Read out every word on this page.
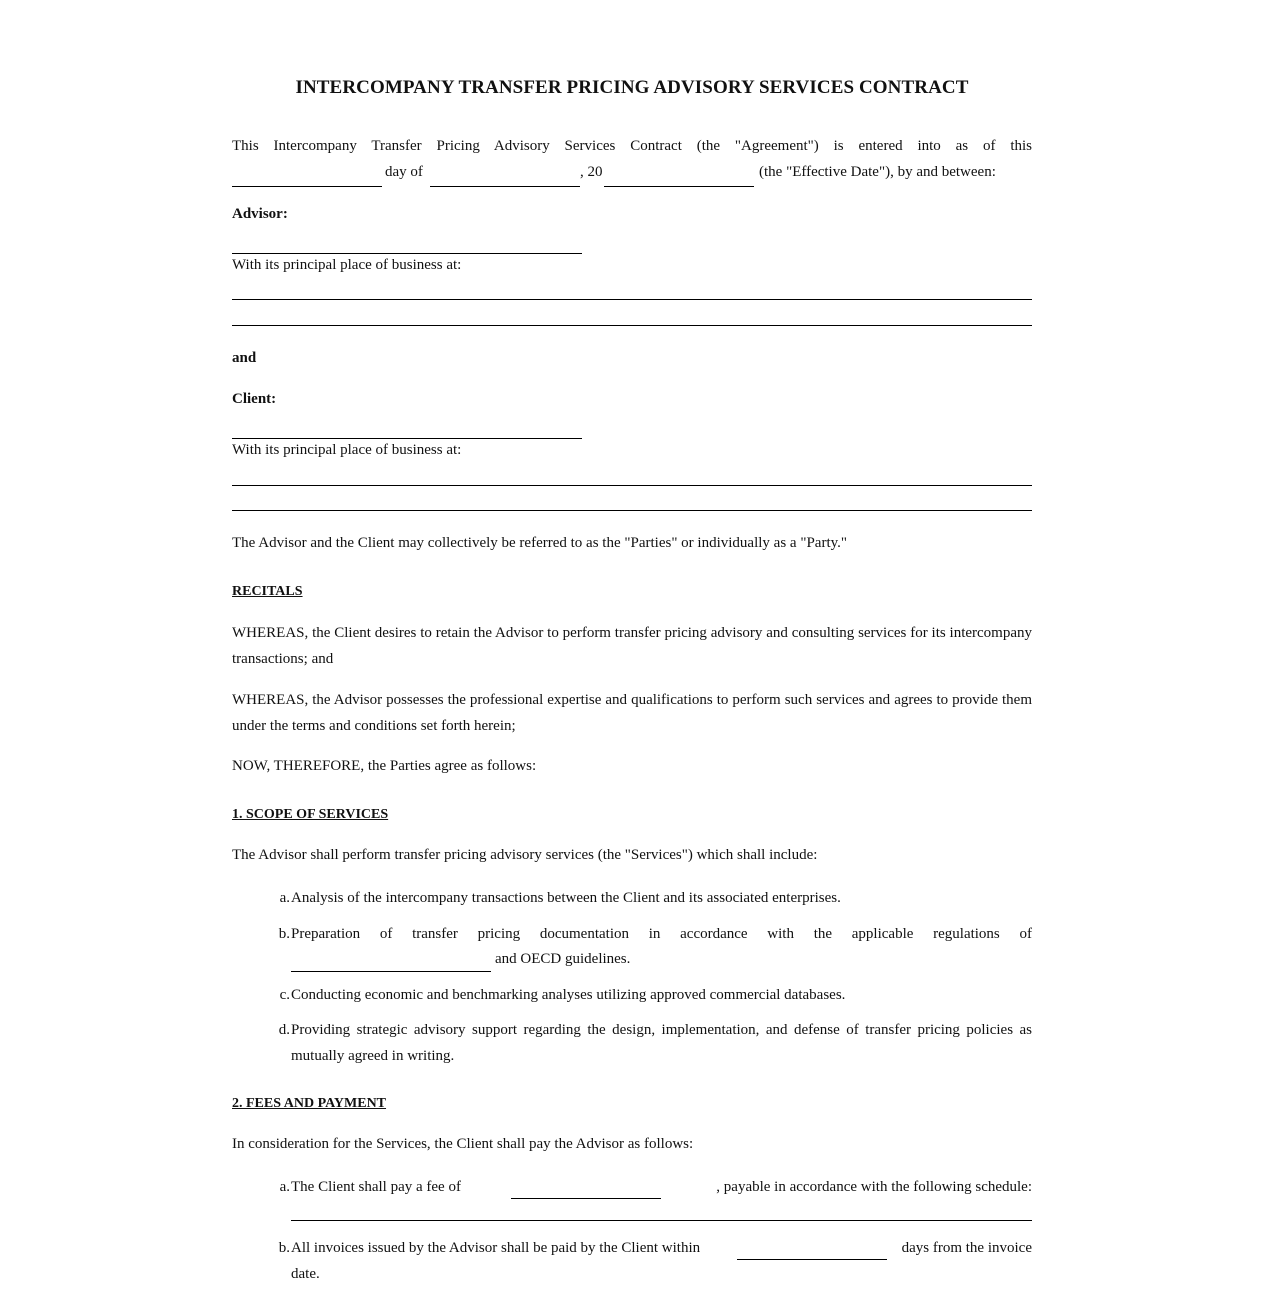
INTERCOMPANY TRANSFER PRICING ADVISORY SERVICES CONTRACT
This Intercompany Transfer Pricing Advisory Services Contract (the "Agreement") is entered into as of this
day of	, 20	(the "Effective Date"), by and between:
Advisor:
With its principal place of business at:
and
Client:
With its principal place of business at:
The Advisor and the Client may collectively be referred to as the "Parties" or individually as a "Party."
RECITALS
WHEREAS, the Client desires to retain the Advisor to perform transfer pricing advisory and consulting services for its intercompany transactions; and
WHEREAS, the Advisor possesses the professional expertise and qualifications to perform such services and agrees to provide them under the terms and conditions set forth herein;
NOW, THEREFORE, the Parties agree as follows:
1. SCOPE OF SERVICES
The Advisor shall perform transfer pricing advisory services (the "Services") which shall include:
a. Analysis of the intercompany transactions between the Client and its associated enterprises.
b. Preparation of transfer pricing documentation in accordance with the applicable regulations of
and OECD guidelines.
c. Conducting economic and benchmarking analyses utilizing approved commercial databases.
d. Providing strategic advisory support regarding the design, implementation, and defense of transfer pricing policies as mutually agreed in writing.
2. FEES AND PAYMENT
In consideration for the Services, the Client shall pay the Advisor as follows:
a. The Client shall pay a fee of	, payable in accordance with the following schedule:
b. All invoices issued by the Advisor shall be paid by the Client within	days from the invoice
date.
